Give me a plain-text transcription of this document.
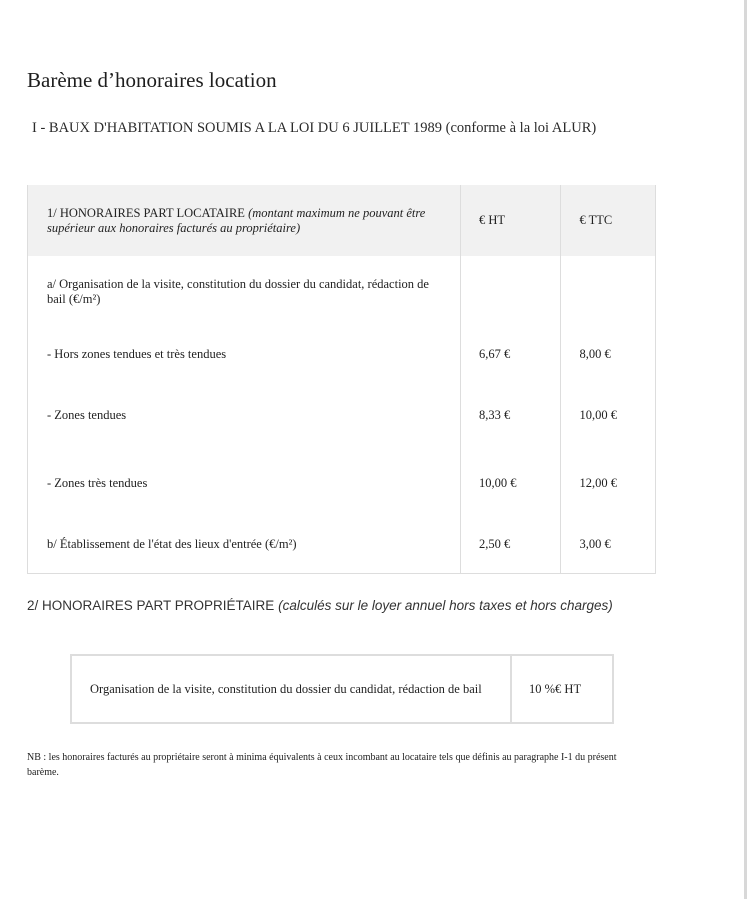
Barème d’honoraires location
I - BAUX D'HABITATION SOUMIS A LA LOI DU 6 JUILLET 1989 (conforme à la loi ALUR)
1/ HONORAIRES PART LOCATAIRE (montant maximum ne pouvant être supérieur aux honoraires facturés au propriétaire)	€ HT	€ TTC
a/ Organisation de la visite, constitution du dossier du candidat, rédaction de bail (€/m²)		
- Hors zones tendues et très tendues	6,67 €	8,00 €
- Zones tendues	8,33 €	10,00 €
- Zones très tendues	10,00 €	12,00 €
b/ Établissement de l'état des lieux d'entrée (€/m²)	2,50 €	3,00 €
2/ HONORAIRES PART PROPRIÉTAIRE (calculés sur le loyer annuel hors taxes et hors charges)
Organisation de la visite, constitution du dossier du candidat, rédaction de bail	10 %€ HT
NB : les honoraires facturés au propriétaire seront à minima équivalents à ceux incombant au locataire tels que définis au paragraphe I-1 du présent barème.
